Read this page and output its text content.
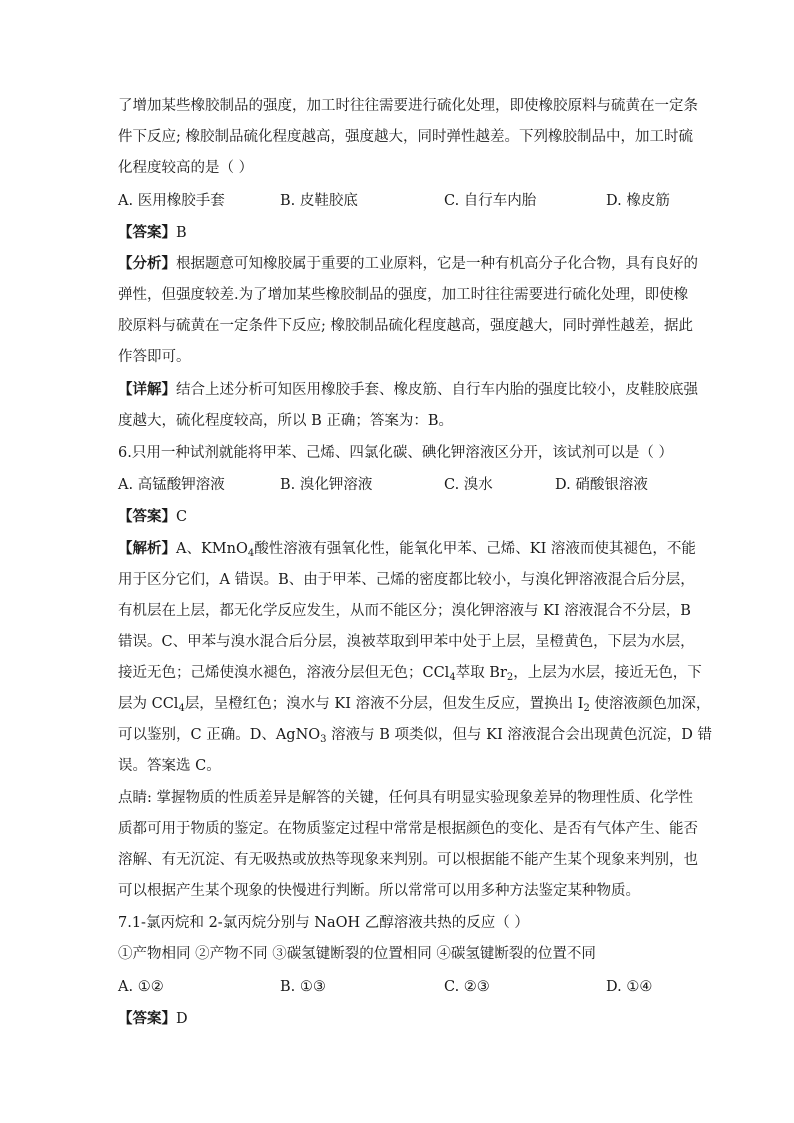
了增加某些橡胶制品的强度，加工时往往需要进行硫化处理，即使橡胶原料与硫黄在一定条
件下反应; 橡胶制品硫化程度越高，强度越大，同时弹性越差。下列橡胶制品中，加工时硫
化程度较高的是（ ）
A. 医用橡胶手套	B. 皮鞋胶底	C. 自行车内胎	D. 橡皮筋
【答案】B
【分析】根据题意可知橡胶属于重要的工业原料，它是一种有机高分子化合物，具有良好的
弹性，但强度较差.为了增加某些橡胶制品的强度，加工时往往需要进行硫化处理，即使橡
胶原料与硫黄在一定条件下反应; 橡胶制品硫化程度越高，强度越大，同时弹性越差，据此
作答即可。
【详解】结合上述分析可知医用橡胶手套、橡皮筋、自行车内胎的强度比较小，皮鞋胶底强
度越大，硫化程度较高，所以 B 正确；答案为：B。
6.只用一种试剂就能将甲苯、己烯、四氯化碳、碘化钾溶液区分开，该试剂可以是（ ）
A. 高锰酸钾溶液	B. 溴化钾溶液	C. 溴水	D. 硝酸银溶液
【答案】C
【解析】A、KMnO$_4$酸性溶液有强氧化性，能氧化甲苯、己烯、KI 溶液而使其褪色，不能
用于区分它们，A 错误。B、由于甲苯、己烯的密度都比较小，与溴化钾溶液混合后分层，
有机层在上层，都无化学反应发生，从而不能区分；溴化钾溶液与 KI 溶液混合不分层，B
错误。C、甲苯与溴水混合后分层，溴被萃取到甲苯中处于上层，呈橙黄色，下层为水层，
接近无色；己烯使溴水褪色，溶液分层但无色；CCl$_4$萃取 $Br_2$，上层为水层，接近无色，下
层为 CCl$_4$层，呈橙红色；溴水与 KI 溶液不分层，但发生反应，置换出 $I_2$ 使溶液颜色加深，
可以鉴别，C 正确。D、AgNO$_3$ 溶液与 B 项类似，但与 KI 溶液混合会出现黄色沉淀，D 错
误。答案选 C。
点睛: 掌握物质的性质差异是解答的关键，任何具有明显实验现象差异的物理性质、化学性
质都可用于物质的鉴定。在物质鉴定过程中常常是根据颜色的变化、是否有气体产生、能否
溶解、有无沉淀、有无吸热或放热等现象来判别。可以根据能不能产生某个现象来判别，也
可以根据产生某个现象的快慢进行判断。所以常常可以用多种方法鉴定某种物质。
7.1-氯丙烷和 2-氯丙烷分别与 NaOH 乙醇溶液共热的反应（ ）
①产物相同 ②产物不同 ③碳氢键断裂的位置相同 ④碳氢键断裂的位置不同
A. ①②	B. ①③	C. ②③	D. ①④
【答案】D
